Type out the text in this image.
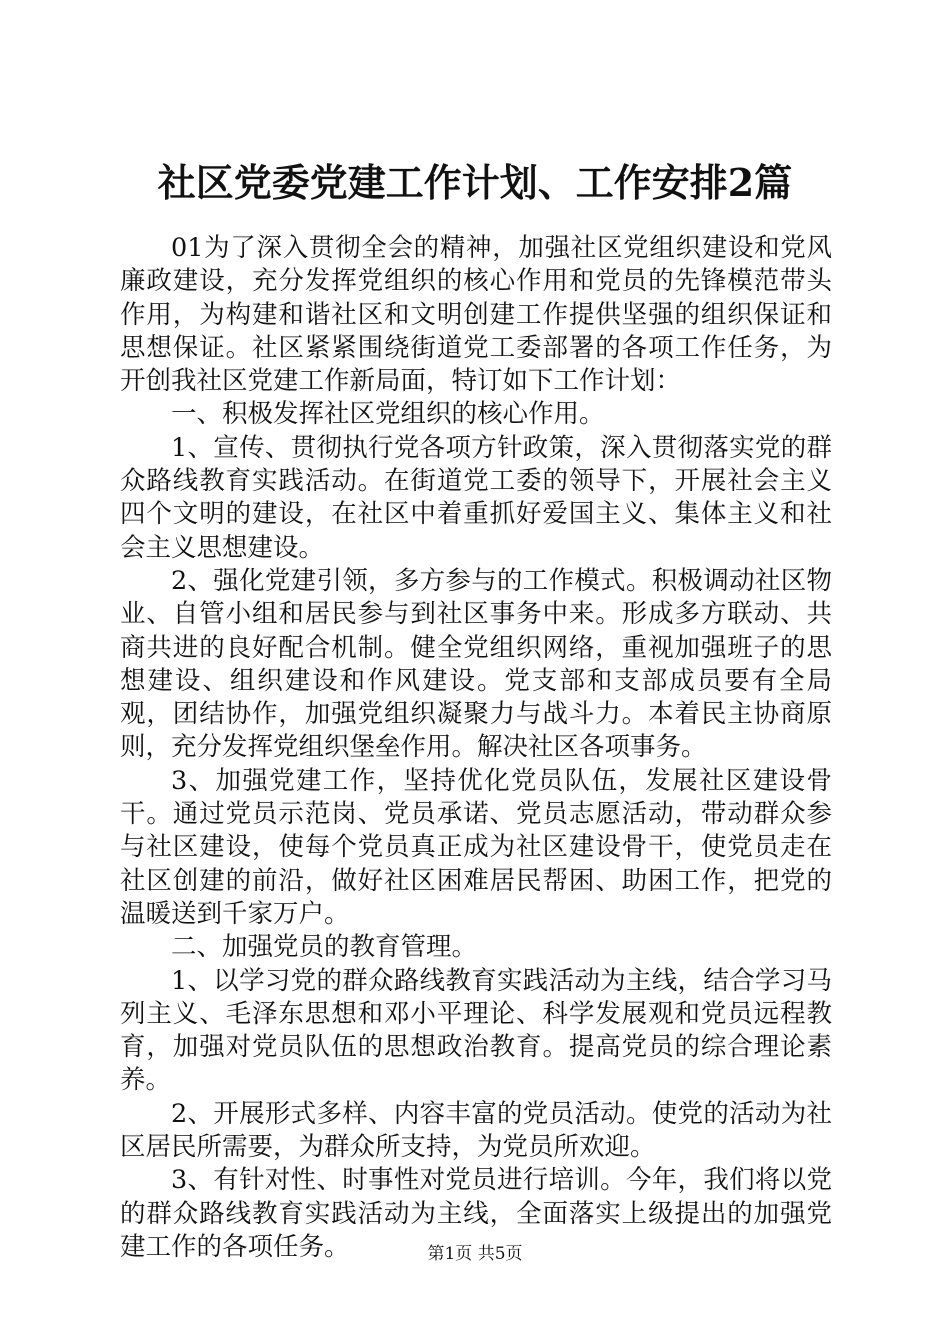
社区党委党建工作计划、工作安排2篇

01为了深入贯彻全会的精神，加强社区党组织建设和党风廉政建设，充分发挥党组织的核心作用和党员的先锋模范带头作用，为构建和谐社区和文明创建工作提供坚强的组织保证和思想保证。社区紧紧围绕街道党工委部署的各项工作任务，为开创我社区党建工作新局面，特订如下工作计划：

一、积极发挥社区党组织的核心作用。

1、宣传、贯彻执行党各项方针政策，深入贯彻落实党的群众路线教育实践活动。在街道党工委的领导下，开展社会主义四个文明的建设，在社区中着重抓好爱国主义、集体主义和社会主义思想建设。

2、强化党建引领，多方参与的工作模式。积极调动社区物业、自管小组和居民参与到社区事务中来。形成多方联动、共商共进的良好配合机制。健全党组织网络，重视加强班子的思想建设、组织建设和作风建设。党支部和支部成员要有全局观，团结协作，加强党组织凝聚力与战斗力。本着民主协商原则，充分发挥党组织堡垒作用。解决社区各项事务。

3、加强党建工作，坚持优化党员队伍，发展社区建设骨干。通过党员示范岗、党员承诺、党员志愿活动，带动群众参与社区建设，使每个党员真正成为社区建设骨干，使党员走在社区创建的前沿，做好社区困难居民帮困、助困工作，把党的温暖送到千家万户。

二、加强党员的教育管理。

1、以学习党的群众路线教育实践活动为主线，结合学习马列主义、毛泽东思想和邓小平理论、科学发展观和党员远程教育，加强对党员队伍的思想政治教育。提高党员的综合理论素养。

2、开展形式多样、内容丰富的党员活动。使党的活动为社区居民所需要，为群众所支持，为党员所欢迎。

3、有针对性、时事性对党员进行培训。今年，我们将以党的群众路线教育实践活动为主线，全面落实上级提出的加强党建工作的各项任务。	第1页 共5页
